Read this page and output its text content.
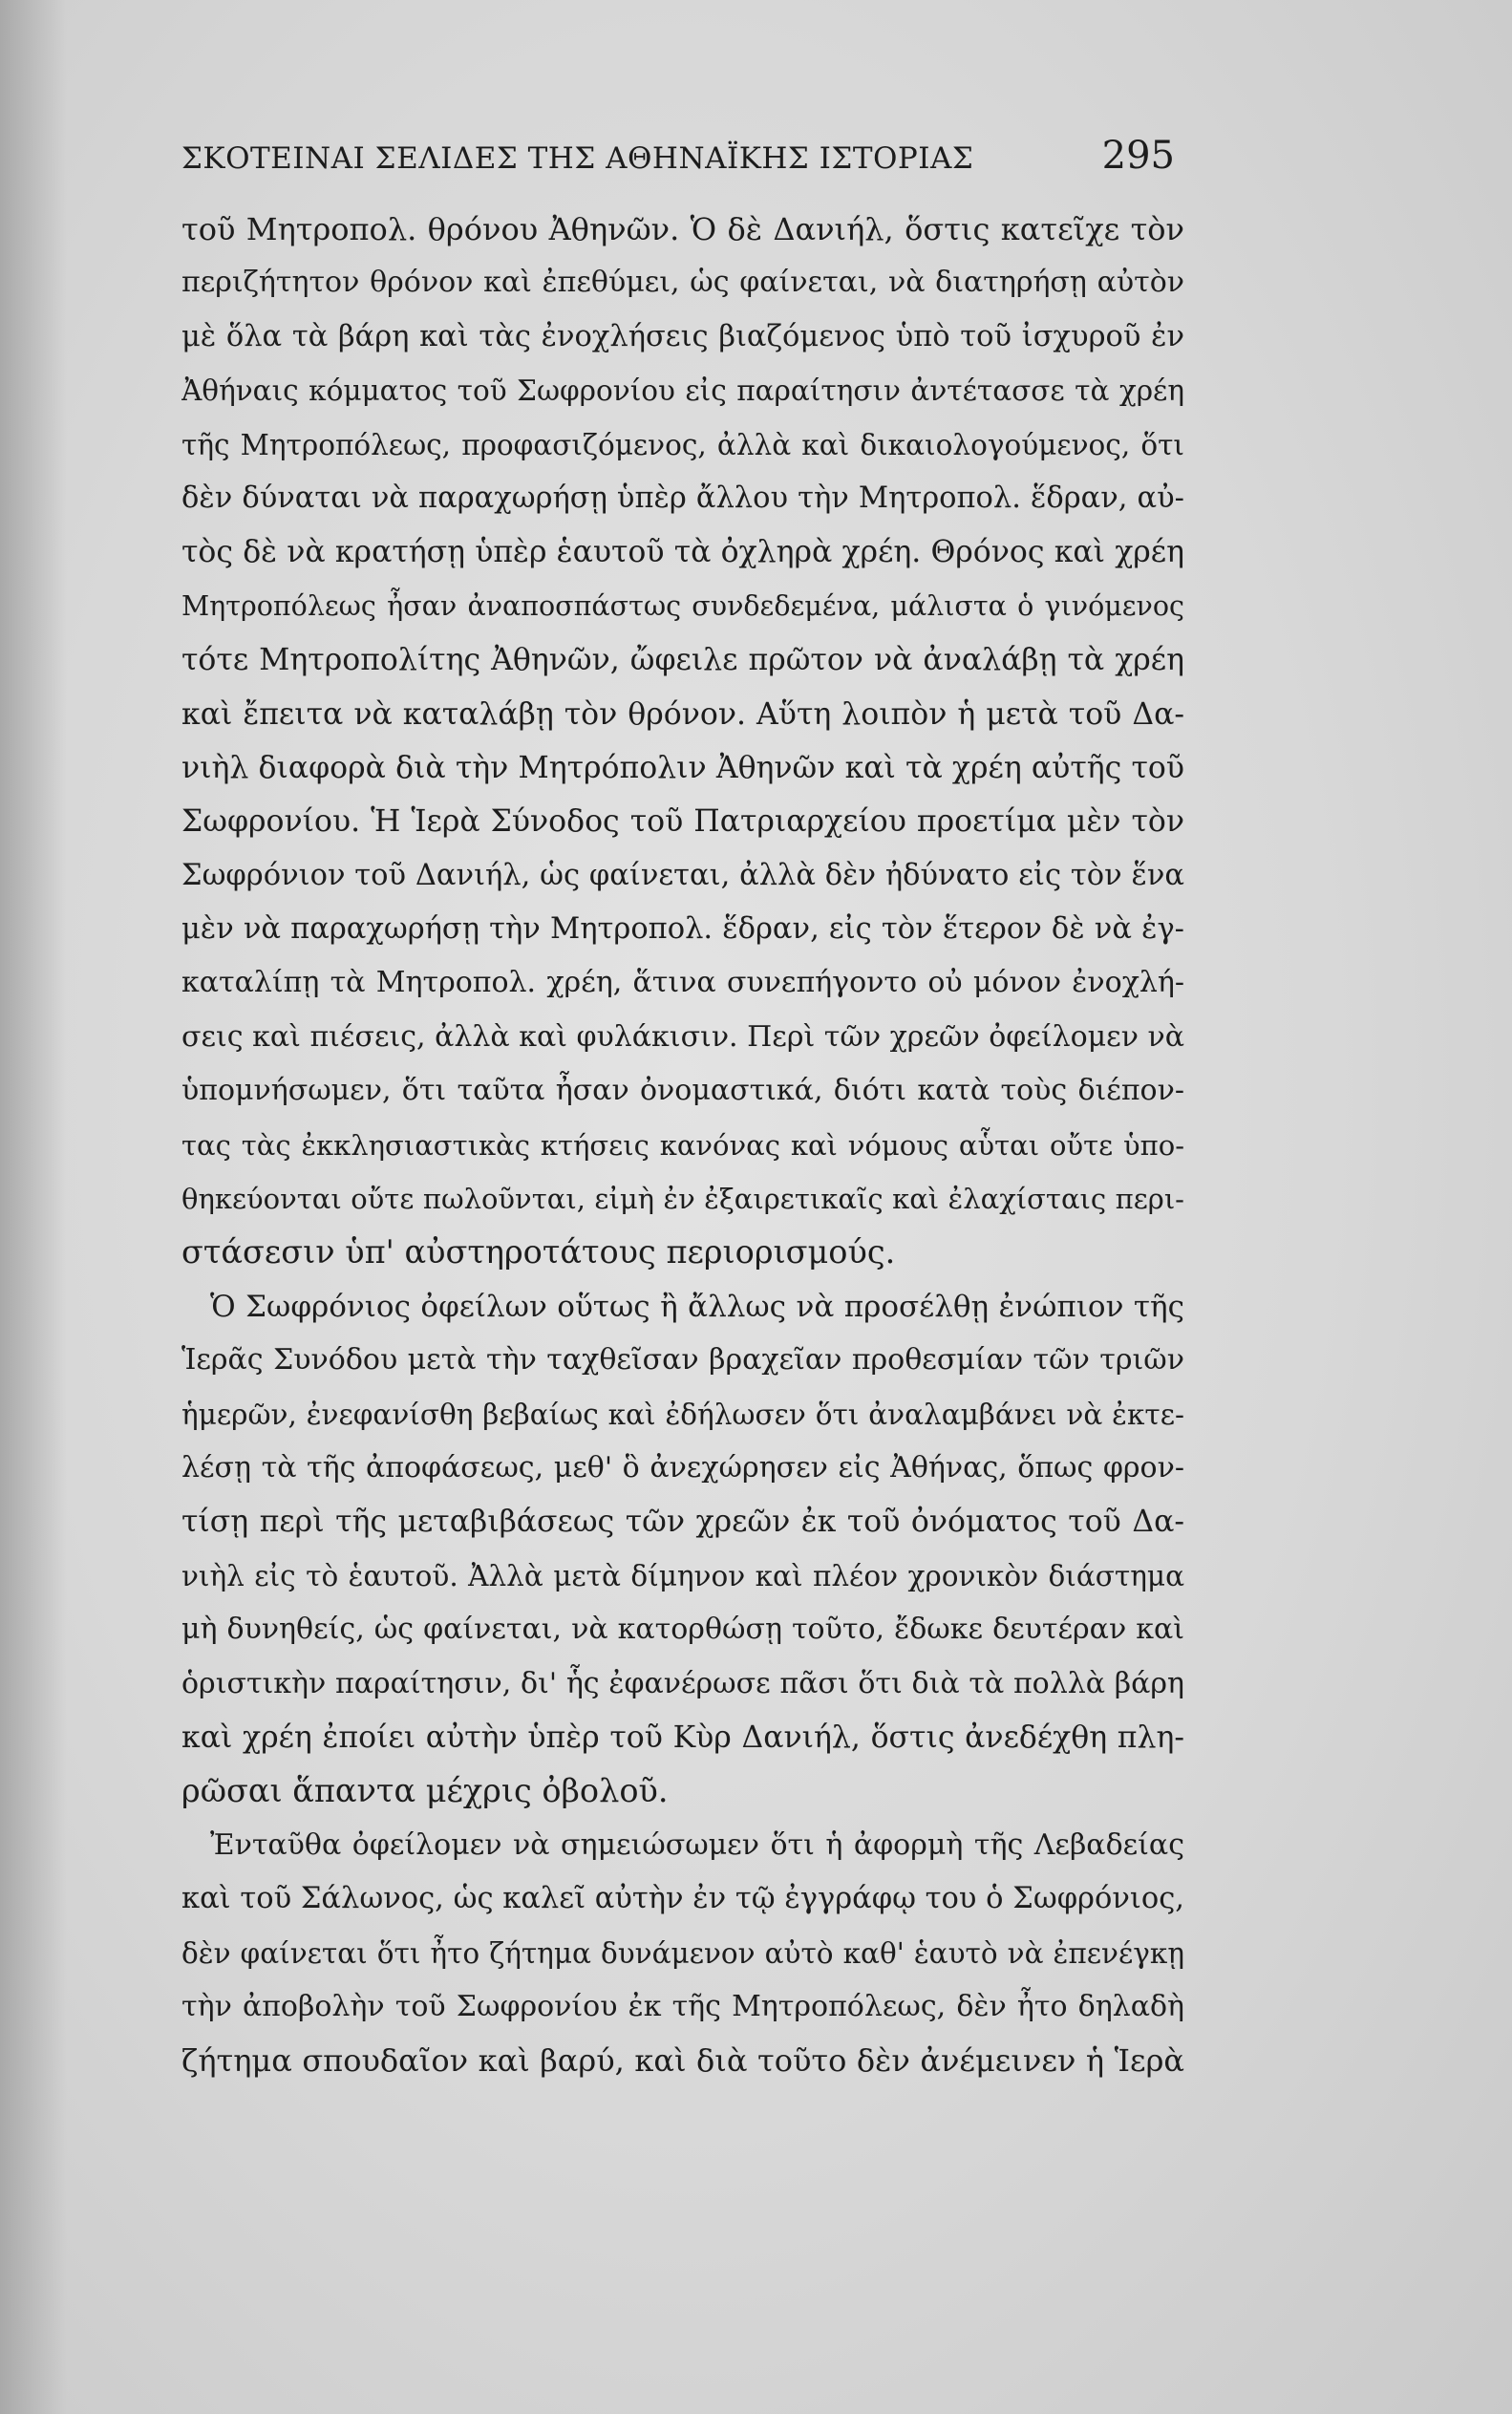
ΣΚΟΤΕΙΝΑΙ ΣΕΛΙΔΕΣ ΤΗΣ ΑΘΗΝΑΪΚΗΣ ΙΣΤΟΡΙΑΣ	295
τοῦ Μητροπολ. θρόνου Ἀθηνῶν. Ὁ δὲ Δανιήλ, ὅστις κατεῖχε τὸν
περιζήτητον θρόνον καὶ ἐπεθύμει, ὡς φαίνεται, νὰ διατηρήσῃ αὐτὸν
μὲ ὅλα τὰ βάρη καὶ τὰς ἐνοχλήσεις βιαζόμενος ὑπὸ τοῦ ἰσχυροῦ ἐν
Ἀθήναις κόμματος τοῦ Σωφρονίου εἰς παραίτησιν ἀντέτασσε τὰ χρέη
τῆς Μητροπόλεως, προφασιζόμενος, ἀλλὰ καὶ δικαιολογούμενος, ὅτι
δὲν δύναται νὰ παραχωρήσῃ ὑπὲρ ἄλλου τὴν Μητροπολ. ἕδραν, αὐ-
τὸς δὲ νὰ κρατήσῃ ὑπὲρ ἑαυτοῦ τὰ ὀχληρὰ χρέη. Θρόνος καὶ χρέη
Μητροπόλεως ἦσαν ἀναποσπάστως συνδεδεμένα, μάλιστα ὁ γινόμενος
τότε Μητροπολίτης Ἀθηνῶν, ὤφειλε πρῶτον νὰ ἀναλάβῃ τὰ χρέη
καὶ ἔπειτα νὰ καταλάβῃ τὸν θρόνον. Αὕτη λοιπὸν ἡ μετὰ τοῦ Δα-
νιὴλ διαφορὰ διὰ τὴν Μητρόπολιν Ἀθηνῶν καὶ τὰ χρέη αὐτῆς τοῦ
Σωφρονίου. Ἡ Ἱερὰ Σύνοδος τοῦ Πατριαρχείου προετίμα μὲν τὸν
Σωφρόνιον τοῦ Δανιήλ, ὡς φαίνεται, ἀλλὰ δὲν ἠδύνατο εἰς τὸν ἕνα
μὲν νὰ παραχωρήσῃ τὴν Μητροπολ. ἕδραν, εἰς τὸν ἕτερον δὲ νὰ ἐγ-
καταλίπῃ τὰ Μητροπολ. χρέη, ἅτινα συνεπήγοντο οὐ μόνον ἐνοχλή-
σεις καὶ πιέσεις, ἀλλὰ καὶ φυλάκισιν. Περὶ τῶν χρεῶν ὀφείλομεν νὰ
ὑπομνήσωμεν, ὅτι ταῦτα ἦσαν ὀνομαστικά, διότι κατὰ τοὺς διέπον-
τας τὰς ἐκκλησιαστικὰς κτήσεις κανόνας καὶ νόμους αὗται οὔτε ὑπο-
θηκεύονται οὔτε πωλοῦνται, εἰμὴ ἐν ἐξαιρετικαῖς καὶ ἐλαχίσταις περι-
στάσεσιν ὑπ' αὐστηροτάτους περιορισμούς.
Ὁ Σωφρόνιος ὀφείλων οὕτως ἢ ἄλλως νὰ προσέλθῃ ἐνώπιον τῆς
Ἱερᾶς Συνόδου μετὰ τὴν ταχθεῖσαν βραχεῖαν προθεσμίαν τῶν τριῶν
ἡμερῶν, ἐνεφανίσθη βεβαίως καὶ ἐδήλωσεν ὅτι ἀναλαμβάνει νὰ ἐκτε-
λέσῃ τὰ τῆς ἀποφάσεως, μεθ' ὃ ἀνεχώρησεν εἰς Ἀθήνας, ὅπως φρον-
τίσῃ περὶ τῆς μεταβιβάσεως τῶν χρεῶν ἐκ τοῦ ὀνόματος τοῦ Δα-
νιὴλ εἰς τὸ ἑαυτοῦ. Ἀλλὰ μετὰ δίμηνον καὶ πλέον χρονικὸν διάστημα
μὴ δυνηθείς, ὡς φαίνεται, νὰ κατορθώσῃ τοῦτο, ἔδωκε δευτέραν καὶ
ὁριστικὴν παραίτησιν, δι' ἧς ἐφανέρωσε πᾶσι ὅτι διὰ τὰ πολλὰ βάρη
καὶ χρέη ἐποίει αὐτὴν ὑπὲρ τοῦ Κὺρ Δανιήλ, ὅστις ἀνεδέχθη πλη-
ρῶσαι ἅπαντα μέχρις ὀβολοῦ.
Ἐνταῦθα ὀφείλομεν νὰ σημειώσωμεν ὅτι ἡ ἀφορμὴ τῆς Λεβαδείας
καὶ τοῦ Σάλωνος, ὡς καλεῖ αὐτὴν ἐν τῷ ἐγγράφῳ του ὁ Σωφρόνιος,
δὲν φαίνεται ὅτι ἦτο ζήτημα δυνάμενον αὐτὸ καθ' ἑαυτὸ νὰ ἐπενέγκῃ
τὴν ἀποβολὴν τοῦ Σωφρονίου ἐκ τῆς Μητροπόλεως, δὲν ἦτο δηλαδὴ
ζήτημα σπουδαῖον καὶ βαρύ, καὶ διὰ τοῦτο δὲν ἀνέμεινεν ἡ Ἱερὰ
